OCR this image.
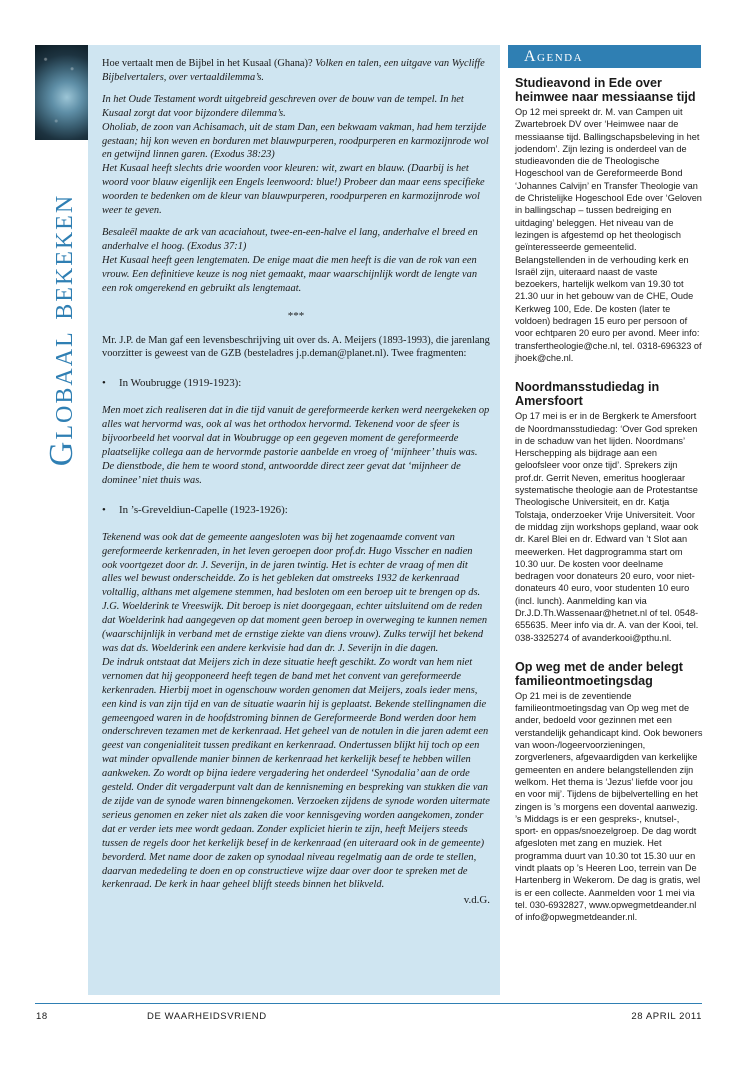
Globaal bekeken

Hoe vertaalt men de Bijbel in het Kusaal (Ghana)? Volken en talen, een uitgave van Wycliffe Bijbelvertalers, over vertaaldilemma’s.

In het Oude Testament wordt uitgebreid geschreven over de bouw van de tempel. In het Kusaal zorgt dat voor bijzondere dilemma’s.

Oholiab, de zoon van Achisamach, uit de stam Dan, een bekwaam vakman, had hem terzijde gestaan; hij kon weven en borduren met blauwpurperen, roodpurperen en karmozijnrode wol en getwijnd linnen garen. (Exodus 38:23)

Het Kusaal heeft slechts drie woorden voor kleuren: wit, zwart en blauw. (Daarbij is het woord voor blauw eigenlijk een Engels leenwoord: blue!) Probeer dan maar eens specifieke woorden te bedenken om de kleur van blauwpurperen, roodpurperen en karmozijnrode wol weer te geven.

Besaleël maakte de ark van acaciahout, twee-en-een-halve el lang, anderhalve el breed en anderhalve el hoog. (Exodus 37:1)

Het Kusaal heeft geen lengtematen. De enige maat die men heeft is die van de rok van een vrouw. Een definitieve keuze is nog niet gemaakt, maar waarschijnlijk wordt de lengte van een rok omgerekend en gebruikt als lengtemaat.

***

Mr. J.P. de Man gaf een levensbeschrijving uit over ds. A. Meijers (1893-1993), die jarenlang voorzitter is geweest van de GZB (besteladres j.p.deman@planet.nl). Twee fragmenten:

• In Woubrugge (1919-1923):

Men moet zich realiseren dat in die tijd vanuit de gereformeerde kerken werd neergekeken op alles wat hervormd was, ook al was het orthodox hervormd. Tekenend voor de sfeer is bijvoorbeeld het voorval dat in Woubrugge op een gegeven moment de gereformeerde plaatselijke collega aan de hervormde pastorie aanbelde en vroeg of ‘mijnheer’ thuis was. De dienstbode, die hem te woord stond, antwoordde direct zeer gevat dat ‘mijnheer de dominee’ niet thuis was.

• In ’s-Greveldiun-Capelle (1923-1926):

Tekenend was ook dat de gemeente aangesloten was bij het zogenaamde convent van gereformeerde kerkenraden, in het leven geroepen door prof.dr. Hugo Visscher en nadien ook voortgezet door dr. J. Severijn, in de jaren twintig. Het is echter de vraag of men dit alles wel bewust onderscheidde. Zo is het gebleken dat omstreeks 1932 de kerkenraad voltallig, althans met algemene stemmen, had besloten om een beroep uit te brengen op ds. J.G. Woelderink te Vreeswijk. Dit beroep is niet doorgegaan, echter uitsluitend om de reden dat Woelderink had aangegeven op dat moment geen beroep in overweging te kunnen nemen (waarschijnlijk in verband met de ernstige ziekte van diens vrouw). Zulks terwijl het bekend was dat ds. Woelderink een andere kerkvisie had dan dr. J. Severijn in die dagen.

De indruk ontstaat dat Meijers zich in deze situatie heeft geschikt. Zo wordt van hem niet vernomen dat hij geopponeerd heeft tegen de band met het convent van gereformeerde kerkenraden. Hierbij moet in ogenschouw worden genomen dat Meijers, zoals ieder mens, een kind is van zijn tijd en van de situatie waarin hij is geplaatst. Bekende stellingnamen die gemeengoed waren in de hoofdstroming binnen de Gereformeerde Bond werden door hem onderschreven tezamen met de kerkenraad. Het geheel van de notulen in die jaren ademt een geest van congenialiteit tussen predikant en kerkenraad. Ondertussen blijkt hij toch op een wat minder opvallende manier binnen de kerkenraad het kerkelijk besef te hebben willen aankweken. Zo wordt op bijna iedere vergadering het onderdeel ‘Synodalia’ aan de orde gesteld. Onder dit vergaderpunt valt dan de kennisneming en bespreking van stukken die van de zijde van de synode waren binnengekomen. Verzoeken zijdens de synode worden uitermate serieus genomen en zeker niet als zaken die voor kennisgeving worden aangekomen, zonder dat er verder iets mee wordt gedaan. Zonder expliciet hierin te zijn, heeft Meijers steeds tussen de regels door het kerkelijk besef in de kerkenraad (en uiteraard ook in de gemeente) bevorderd. Met name door de zaken op synodaal niveau regelmatig aan de orde te stellen, daarvan mededeling te doen en op constructieve wijze daar over door te spreken met de kerkenraad. De kerk in haar geheel blijft steeds binnen het blikveld.

v.d.G.
Agenda
Studieavond in Ede over heimwee naar messiaanse tijd

Op 12 mei spreekt dr. M. van Campen uit Zwartebroek DV over ‘Heimwee naar de messiaanse tijd. Ballingschapsbeleving in het jodendom’. Zijn lezing is onderdeel van de studieavonden die de Theologische Hogeschool van de Gereformeerde Bond ‘Johannes Calvijn’ en Transfer Theologie van de Christelijke Hogeschool Ede over ‘Geloven in ballingschap – tussen bedreiging en uitdaging’ beleggen. Het niveau van de lezingen is afgestemd op het theologisch geïnteresseerde gemeentelid. Belangstellenden in de verhouding kerk en Israël zijn, uiteraard naast de vaste bezoekers, hartelijk welkom van 19.30 tot 21.30 uur in het gebouw van de CHE, Oude Kerkweg 100, Ede. De kosten (later te voldoen) bedragen 15 euro per persoon of voor echtparen 20 euro per avond. Meer info: transfertheologie@che.nl, tel. 0318-696323 of jhoek@che.nl.

Noordmansstudiedag in Amersfoort

Op 17 mei is er in de Bergkerk te Amersfoort de Noordmansstudiedag: ‘Over God spreken in de schaduw van het lijden. Noordmans’ Herschepping als bijdrage aan een geloofsleer voor onze tijd’. Sprekers zijn prof.dr. Gerrit Neven, emeritus hoogleraar systematische theologie aan de Protestantse Theologische Universiteit, en dr. Katja Tolstaja, onderzoeker Vrije Universiteit. Voor de middag zijn workshops gepland, waar ook dr. Karel Blei en dr. Edward van ’t Slot aan meewerken. Het dagprogramma start om 10.30 uur. De kosten voor deelname bedragen voor donateurs 20 euro, voor niet-donateurs 40 euro, voor studenten 10 euro (incl. lunch). Aanmelding kan via Dr.J.D.Th.Wassenaar@hetnet.nl of tel. 0548-655635. Meer info via dr. A. van der Kooi, tel. 038-3325274 of avanderkooi@pthu.nl.

Op weg met de ander belegt familieontmoetingsdag

Op 21 mei is de zeventiende familieontmoetingsdag van Op weg met de ander, bedoeld voor gezinnen met een verstandelijk gehandicapt kind. Ook bewoners van woon-/logeervoorzieningen, zorgverleners, afgevaardigden van kerkelijke gemeenten en andere belangstellenden zijn welkom. Het thema is ‘Jezus’ liefde voor jou en voor mij’. Tijdens de bijbelvertelling en het zingen is ’s morgens een dovental aanwezig. ’s Middags is er een gespreks-, knutsel-, sport- en oppas/snoezelgroep. De dag wordt afgesloten met zang en muziek. Het programma duurt van 10.30 tot 15.30 uur en vindt plaats op ’s Heeren Loo, terrein van De Hartenberg in Wekerom. De dag is gratis, wel is er een collecte. Aanmelden voor 1 mei via tel. 030-6932827, www.opwegmetdeander.nl of info@opwegmetdeander.nl.

18	DE WAARHEIDSVRIEND	28 APRIL 2011
